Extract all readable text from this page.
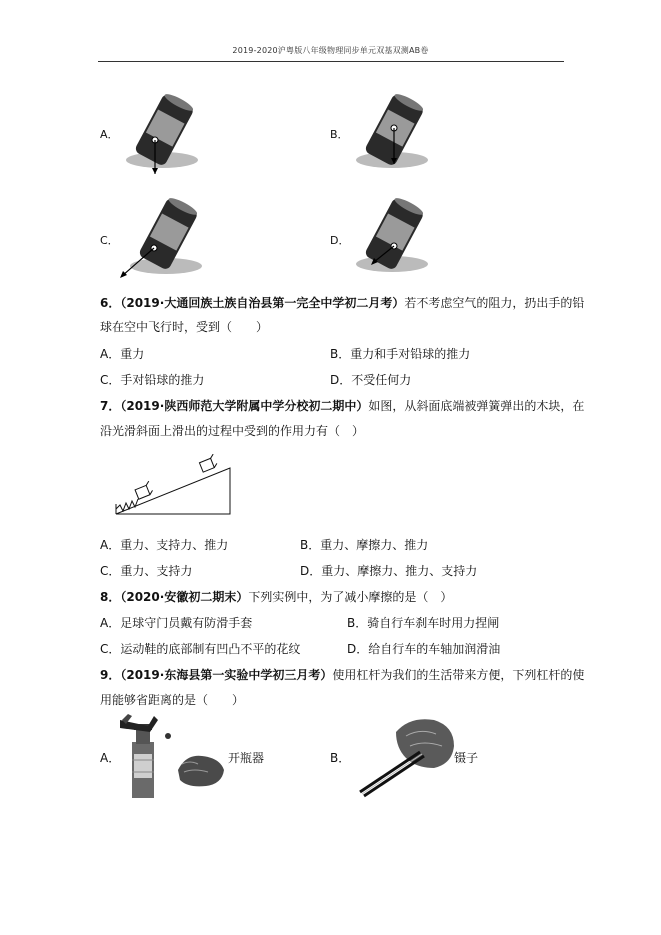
2019-2020沪粤版八年级物理同步单元双基双测AB卷
A．	B．
C．	D．
6．（2019·大通回族土族自治县第一完全中学初二月考）若不考虑空气的阻力，扔出手的铅
球在空中飞行时，受到（　　）
A．重力	B．重力和手对铅球的推力
C．手对铅球的推力	D．不受任何力
7．（2019·陕西师范大学附属中学分校初二期中）如图，从斜面底端被弹簧弹出的木块，在
沿光滑斜面上滑出的过程中受到的作用力有（　）
A．重力、支持力、推力	B．重力、摩擦力、推力
C．重力、支持力	D．重力、摩擦力、推力、支持力
8．（2020·安徽初二期末）下列实例中，为了减小摩擦的是（　）
A．足球守门员戴有防滑手套	B．骑自行车刹车时用力捏闸
C．运动鞋的底部制有凹凸不平的花纹	D．给自行车的车轴加润滑油
9．（2019·东海县第一实验中学初三月考）使用杠杆为我们的生活带来方便，下列杠杆的使
用能够省距离的是（　　）
A．	开瓶器	B．	镊子
